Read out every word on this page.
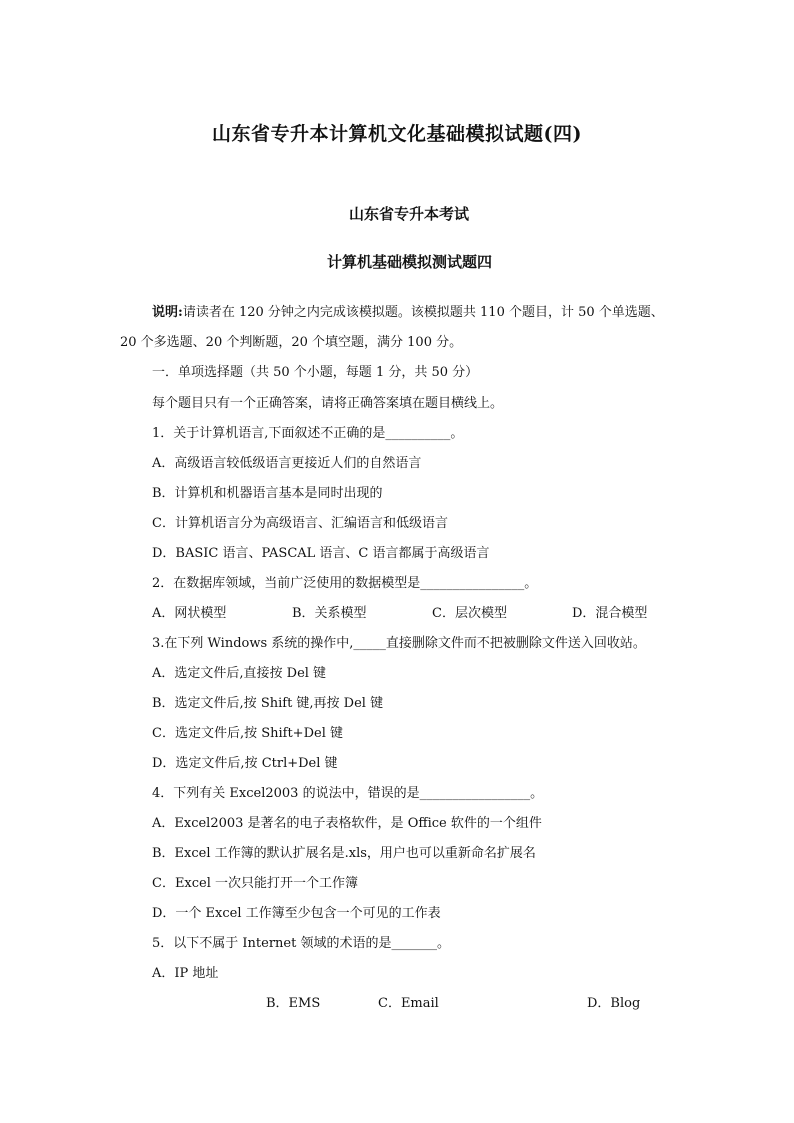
山东省专升本计算机文化基础模拟试题(四)
山东省专升本考试
计算机基础模拟测试题四
说明:请读者在 120 分钟之内完成该模拟题。该模拟题共 110 个题目，计 50 个单选题、
20 个多选题、20 个判断题，20 个填空题，满分 100 分。
一．单项选择题（共 50 个小题，每题 1 分，共 50 分）
每个题目只有一个正确答案，请将正确答案填在题目横线上。
1．关于计算机语言,下面叙述不正确的是__________。
A．高级语言较低级语言更接近人们的自然语言
B．计算机和机器语言基本是同时出现的
C．计算机语言分为高级语言、汇编语言和低级语言
D．BASIC 语言、PASCAL 语言、C 语言都属于高级语言
2．在数据库领域，当前广泛使用的数据模型是________________。
A．网状模型	B．关系模型	C．层次模型	D．混合模型
3.在下列 Windows 系统的操作中,_____直接删除文件而不把被删除文件送入回收站。
A．选定文件后,直接按 Del 键
B．选定文件后,按 Shift 键,再按 Del 键
C．选定文件后,按 Shift+Del 键
D．选定文件后,按 Ctrl+Del 键
4．下列有关 Excel2003 的说法中，错误的是_________________。
A．Excel2003 是著名的电子表格软件，是 Office 软件的一个组件
B．Excel 工作簿的默认扩展名是.xls，用户也可以重新命名扩展名
C．Excel 一次只能打开一个工作簿
D．一个 Excel 工作簿至少包含一个可见的工作表
5．以下不属于 Internet 领域的术语的是_______。
A．IP 地址
B．EMS	C．Email	D．Blog
